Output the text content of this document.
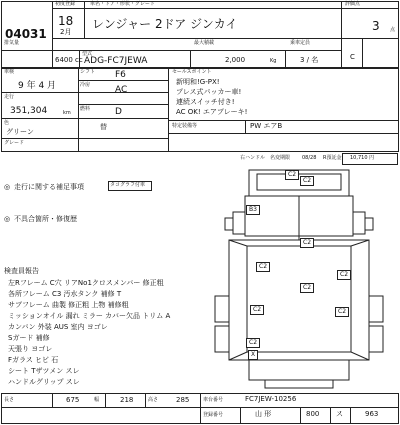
04031
初度登録
18
2月
車名・ドア・形状・グレード
レンジャー 2ドア ジンカイ
評価点
3 点
C
排気量
6400 cc
型式
ADG-FC7JEWA
最大積載
2,000	Kg
乗車定員
3 / 名
車検
9 年 4 月
走行
351,304	km
色
グリーン
グレード
シフト F6
冷房	AC
燃料	D
替
セールスポイント
新明和!G-PX!
プレス式パッカー車!
連続スイッチ付き!
AC OK! エアブレーキ!
特定装備等	PW エアB
右ハンドル 名変期限 08/28 R預託金 10,710 円
◎ 走行に関する補足事項	タコグラフ付車
◎ 不具合箇所・修復歴
検査員報告
左Rフレーム C穴 リアNo1クロスメンバー 修正粗
各所フレーム C3 汚水タンク 補修 T
サブフレーム 曲製 修正粗 上物 補修粗
ミッションオイル 漏れ ミラー カバー欠品 トリム A
カンバン 外装 AUS 室内 ヨゴレ
Sガード 補修
天張り ヨゴレ
Fガラス ヒビ 石
シート Tザツメン スレ
ハンドルグリップ スレ
C2
C2
B3
C2
C2
C2
C2
C2	C2
C2
X
長さ	675	幅	218	高さ	285	車台番号	FC7JEW-10256
登録番号	山 形	800 ス	963
